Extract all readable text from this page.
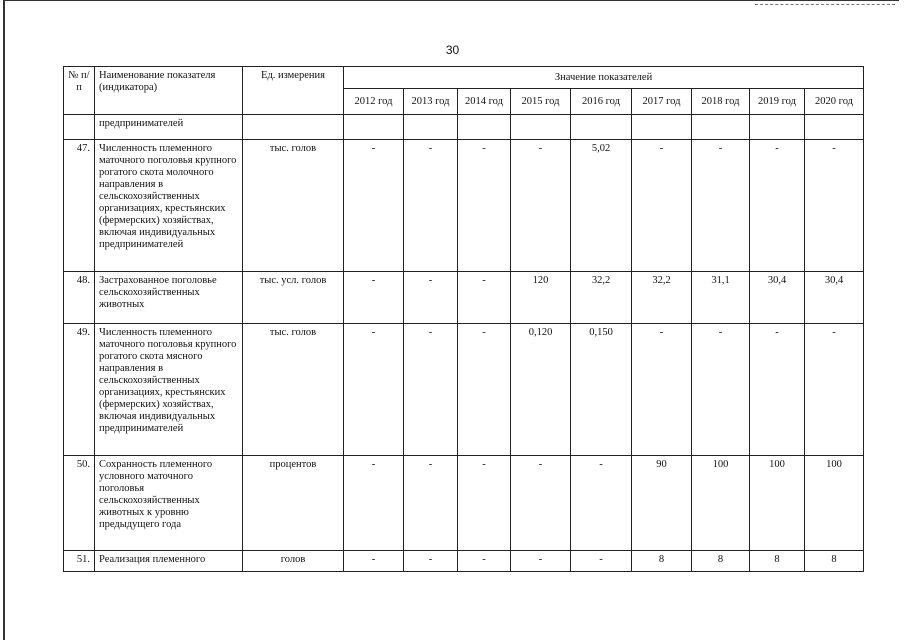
30
№ п/п	Наименование показателя (индикатора)	Ед. измерения	Значение показателей								
			2012 год	2013 год	2014 год	2015 год	2016 год	2017 год	2018 год	2019 год	2020 год
	предпринимателей										
47.	Численность племенного маточного поголовья крупного рогатого скота молочного направления в сельскохозяйственных организациях, крестьянских (фермерских) хозяйствах, включая индивидуальных предпринимателей	тыс. голов	-	-	-	-	5,02	-	-	-	-
48.	Застрахованное поголовье сельскохозяйственных животных	тыс. усл. голов	-	-	-	120	32,2	32,2	31,1	30,4	30,4
49.	Численность племенного маточного поголовья крупного рогатого скота мясного направления в сельскохозяйственных организациях, крестьянских (фермерских) хозяйствах, включая индивидуальных предпринимателей	тыс. голов	-	-	-	0,120	0,150	-	-	-	-
50.	Сохранность племенного условного маточного поголовья сельскохозяйственных животных к уровню предыдущего года	процентов	-	-	-	-	-	90	100	100	100
51.	Реализация племенного	голов	-	-	-	-	-	8	8	8	8
